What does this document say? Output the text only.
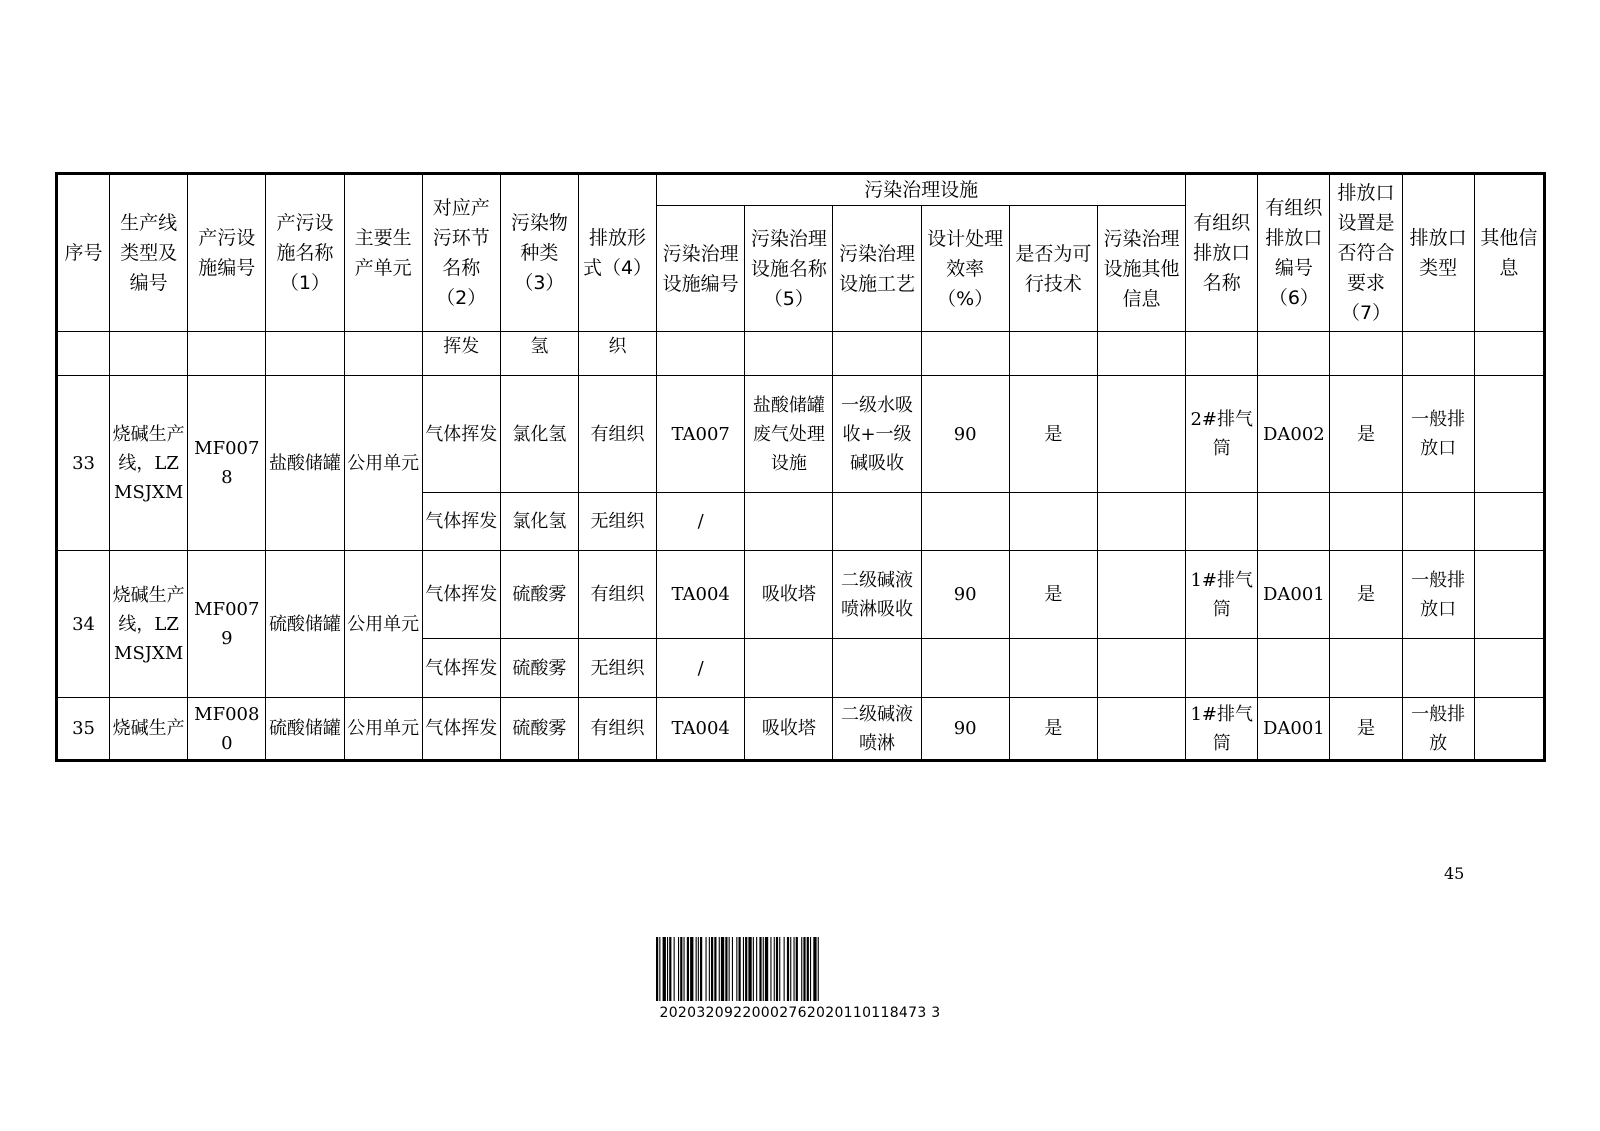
序号	生产线类型及编号	产污设施编号	产污设施名称（1）	主要生产单元	对应产污环节名称（2）	污染物种类（3）	排放形式（4）	污染治理设施						有组织排放口名称	有组织排放口编号（6）	排放口设置是否符合要求（7）	排放口类型	其他信息
								污染治理设施编号	污染治理设施名称（5）	污染治理设施工艺	设计处理效率（%）	是否为可行技术	污染治理设施其他信息					
					挥发	氢	织											
33	烧碱生产线，LZMSJXM	MF0078	盐酸储罐	公用单元	气体挥发	氯化氢	有组织	TA007	盐酸储罐废气处理设施	一级水吸收+一级碱吸收	90	是		2#排气筒	DA002	是	一般排放口	
					气体挥发	氯化氢	无组织	/										
34	烧碱生产线，LZMSJXM	MF0079	硫酸储罐	公用单元	气体挥发	硫酸雾	有组织	TA004	吸收塔	二级碱液喷淋吸收	90	是		1#排气筒	DA001	是	一般排放口	
					气体挥发	硫酸雾	无组织	/										
35	烧碱生产	MF0080	硫酸储罐	公用单元	气体挥发	硫酸雾	有组织	TA004	吸收塔	二级碱液喷淋	90	是		1#排气筒	DA001	是	一般排放	
45
20203209220002762020110118473 3
